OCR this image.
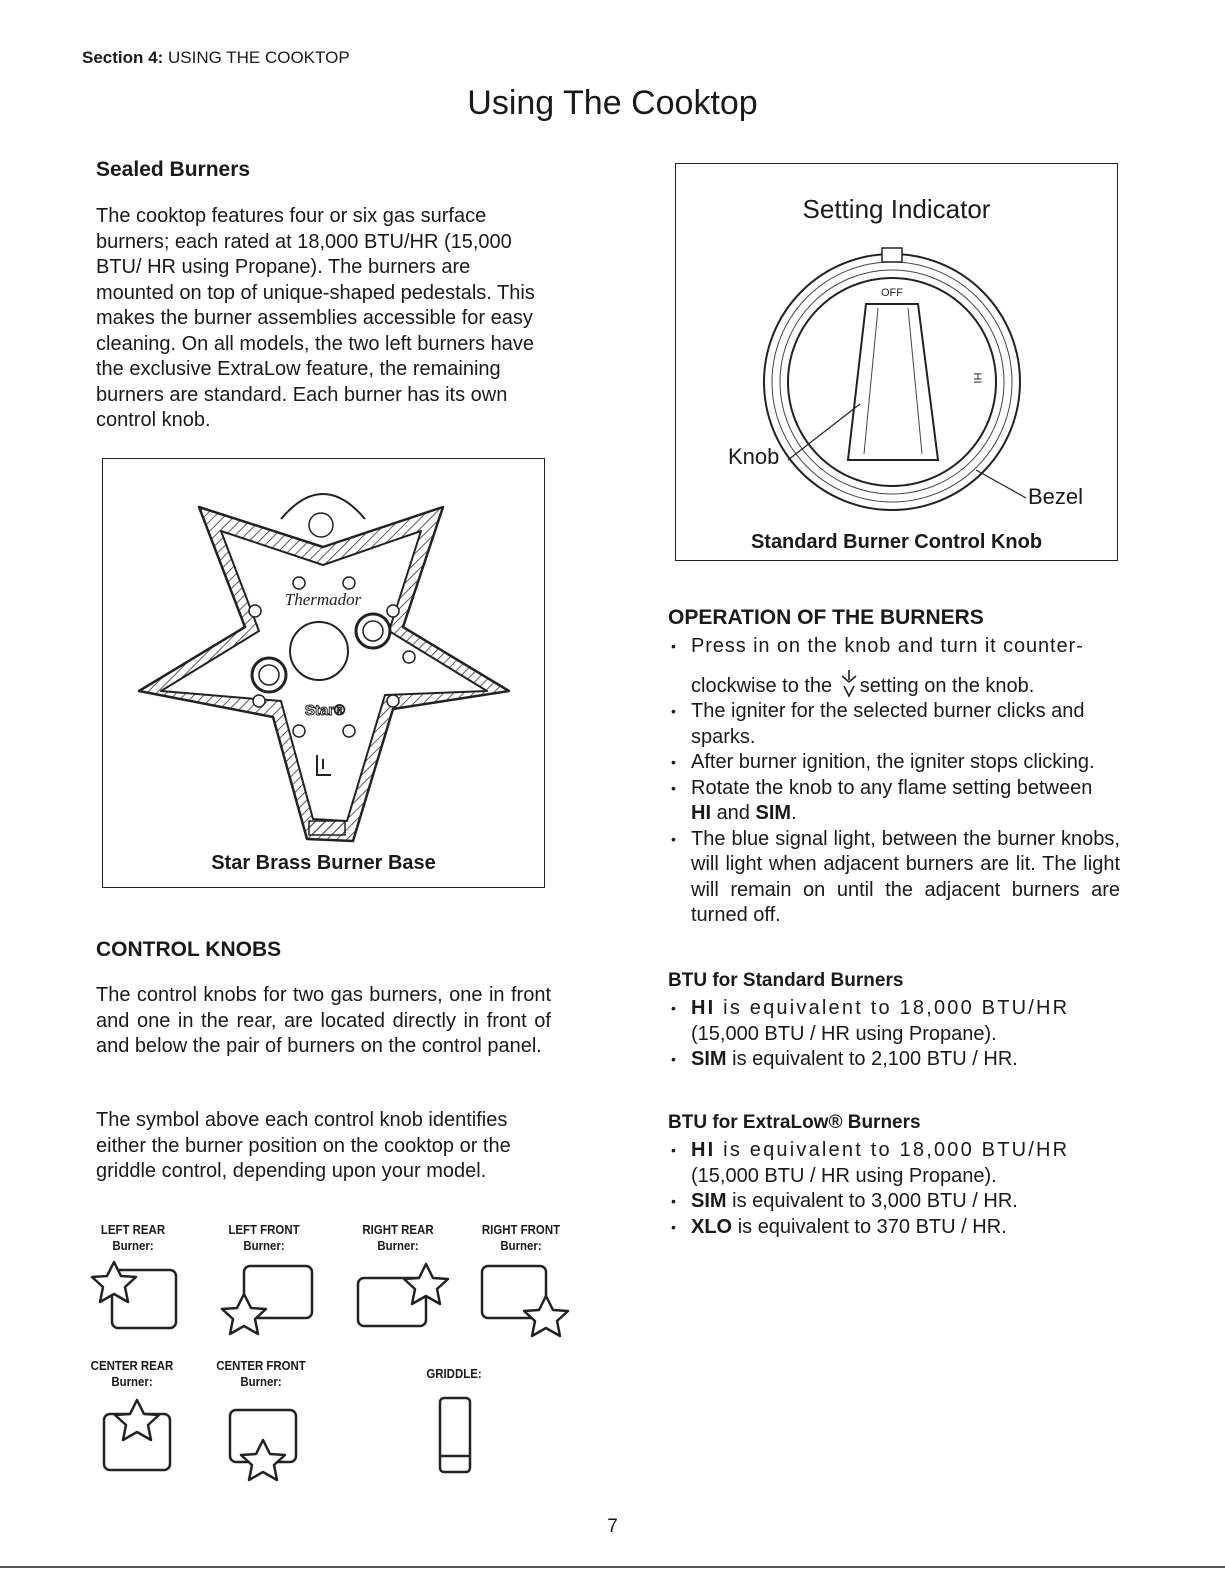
Section 4: USING THE COOKTOP
Using The Cooktop
Sealed Burners
The cooktop features four or six gas surface burners; each rated at 18,000 BTU/HR (15,000 BTU/ HR using Propane). The burners are mounted on top of unique-shaped pedestals. This makes the burner assemblies accessible for easy cleaning. On all models, the two left burners have the exclusive ExtraLow feature, the remaining burners are standard. Each burner has its own control knob.
Thermador
Star®
Star Brass Burner Base
CONTROL KNOBS
The control knobs for two gas burners, one in front and one in the rear, are located directly in front of and below the pair of burners on the control panel.
The symbol above each control knob identifies either the burner position on the cooktop or the griddle control, depending upon your model.
LEFT REAR
Burner:
LEFT FRONT
Burner:
RIGHT REAR
Burner:
RIGHT FRONT
Burner:
CENTER REAR
Burner:
CENTER FRONT
Burner:
GRIDDLE:
Setting Indicator
OFF
HI
Knob
Bezel
Standard Burner Control Knob
OPERATION OF THE BURNERS
• Press in on the knob and turn it counter-
clockwise to the setting on the knob.
• The igniter for the selected burner clicks and sparks.
• After burner ignition, the igniter stops clicking.
• Rotate the knob to any flame setting between
HI and SIM.
• The blue signal light, between the burner knobs, will light when adjacent burners are lit. The light will remain on until the adjacent burners are turned off.
BTU for Standard Burners
• HI is equivalent to 18,000 BTU/HR
(15,000 BTU / HR using Propane).
• SIM is equivalent to 2,100 BTU / HR.
BTU for ExtraLow® Burners
• HI is equivalent to 18,000 BTU/HR
(15,000 BTU / HR using Propane).
• SIM is equivalent to 3,000 BTU / HR.
• XLO is equivalent to 370 BTU / HR.
7
